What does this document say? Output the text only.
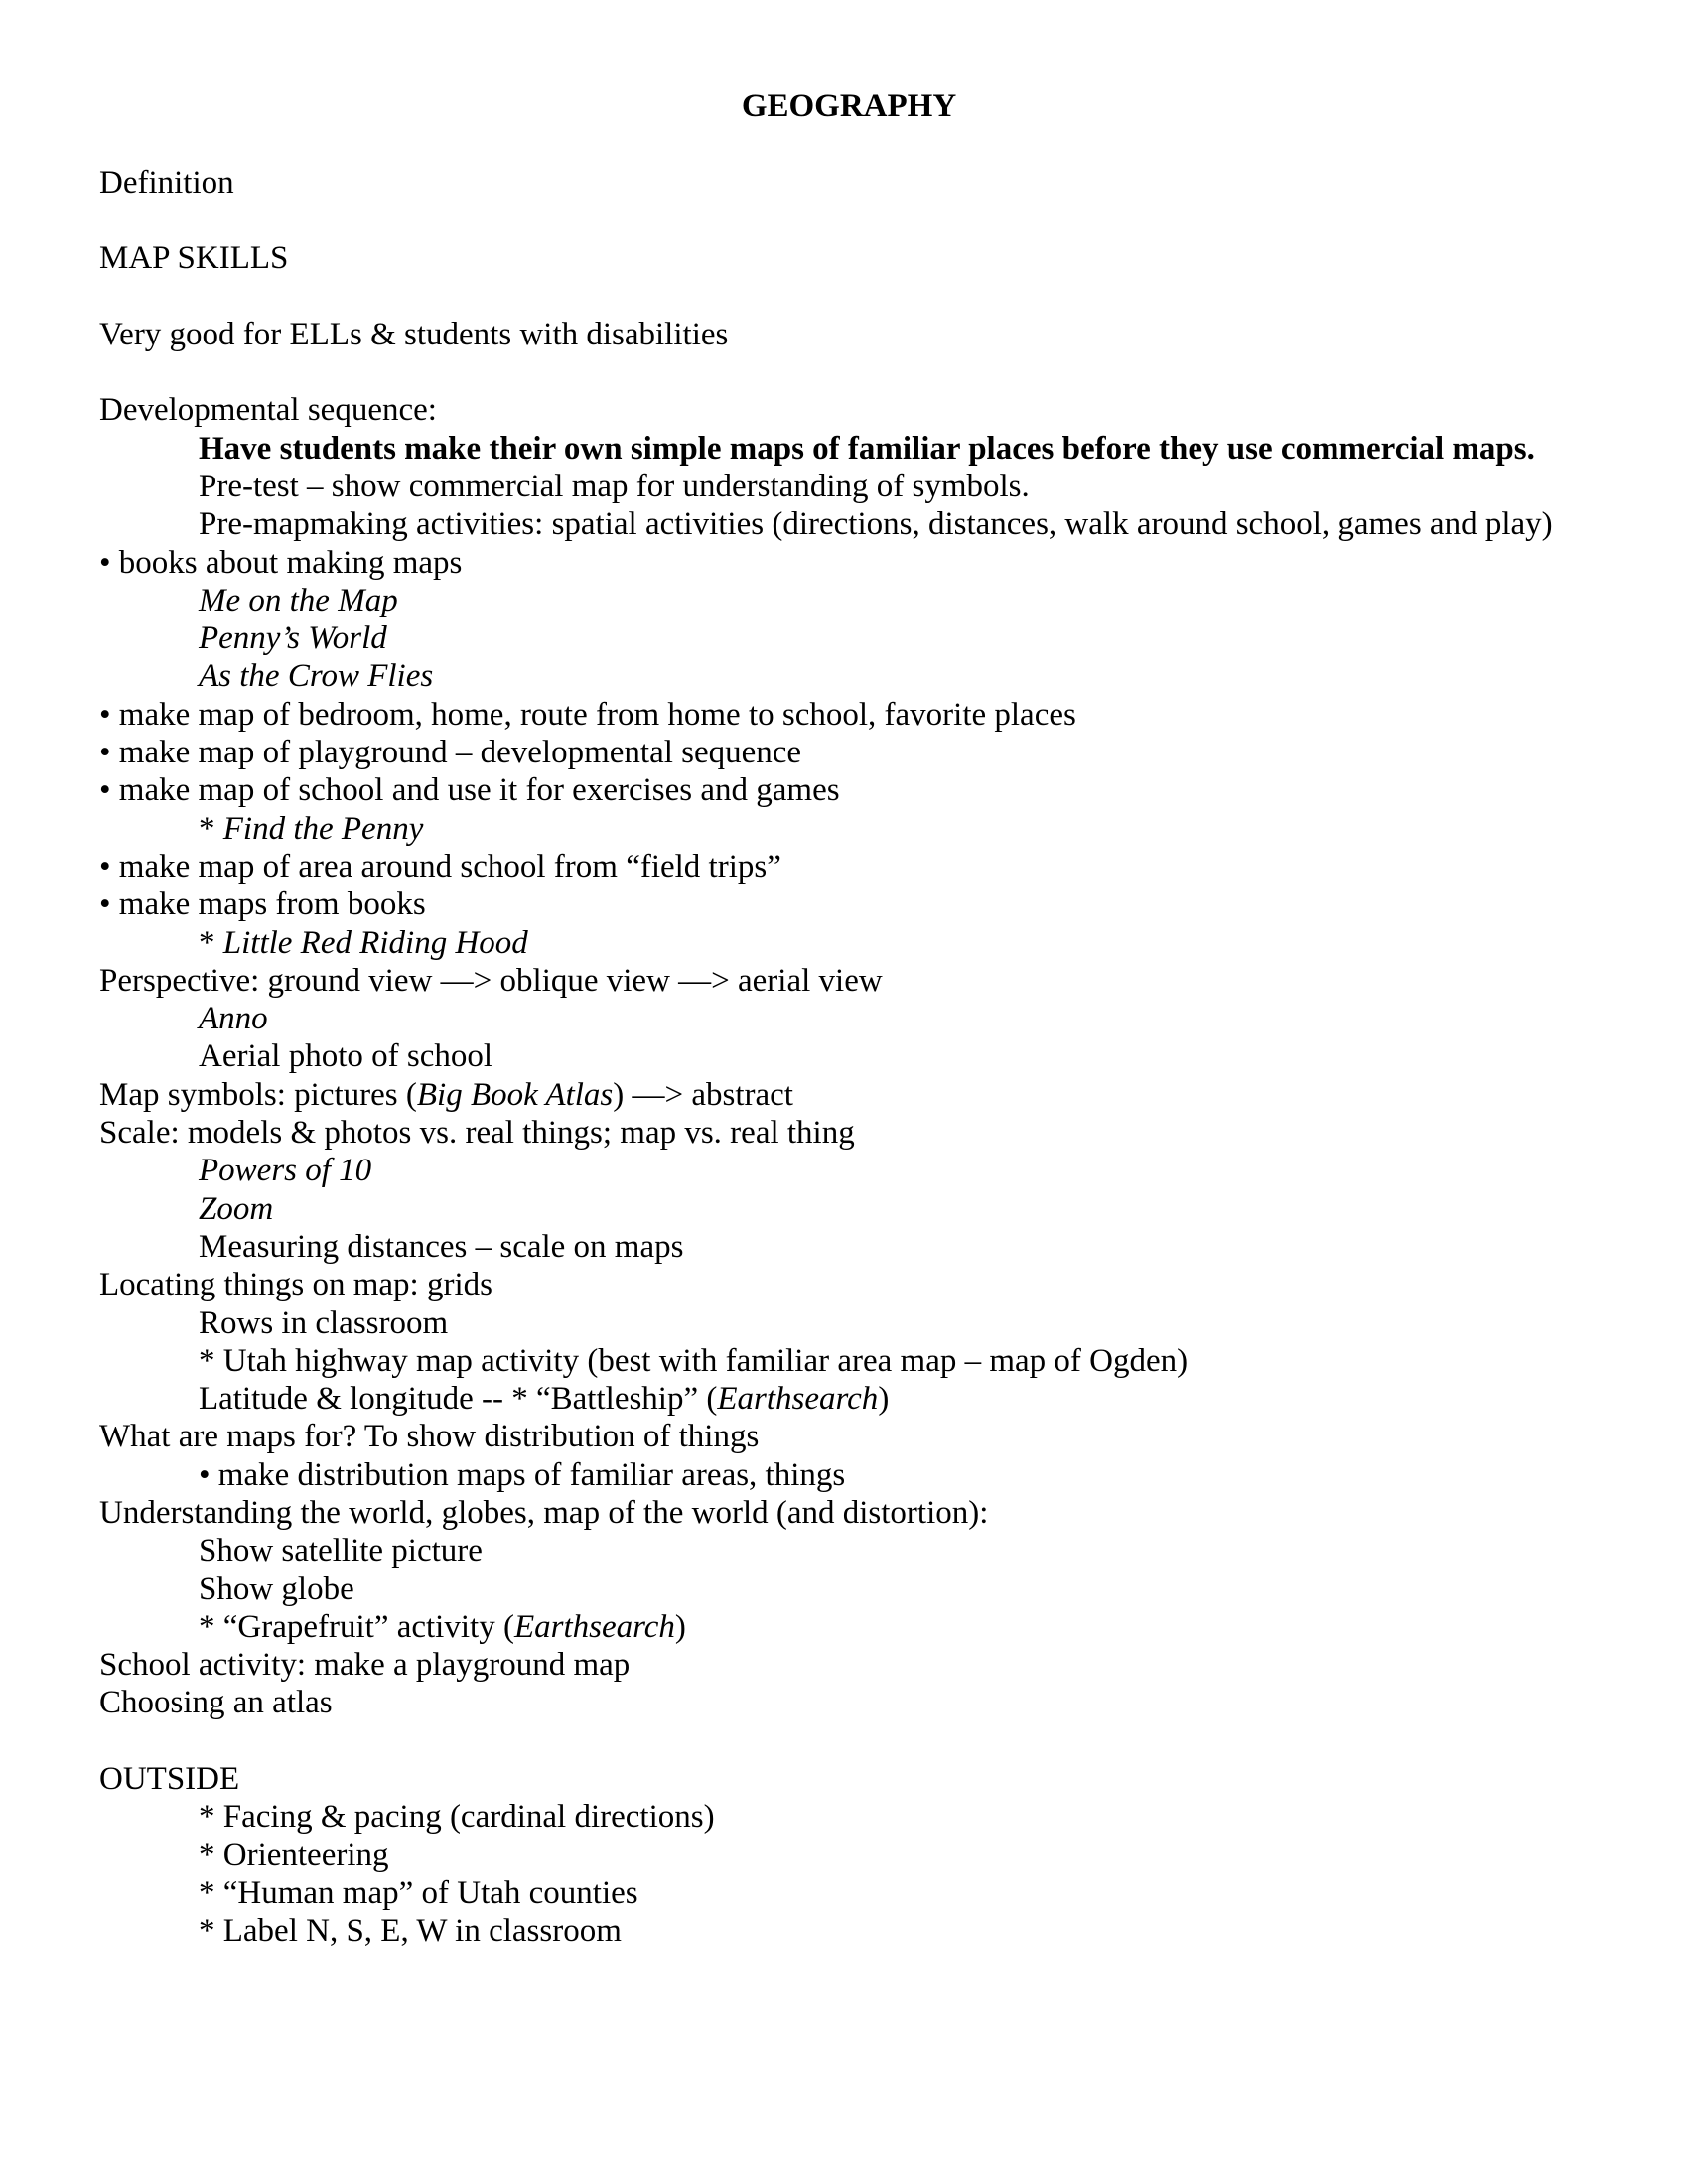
GEOGRAPHY

Definition

MAP SKILLS

Very good for ELLs & students with disabilities

Developmental sequence:
Have students make their own simple maps of familiar places before they use commercial maps.
Pre-test – show commercial map for understanding of symbols.
Pre-mapmaking activities: spatial activities (directions, distances, walk around school, games and play)
• books about making maps
Me on the Map
Penny’s World
As the Crow Flies
• make map of bedroom, home, route from home to school, favorite places
• make map of playground – developmental sequence
• make map of school and use it for exercises and games
* Find the Penny
• make map of area around school from “field trips”
• make maps from books
* Little Red Riding Hood
Perspective: ground view —> oblique view —> aerial view
Anno
Aerial photo of school
Map symbols: pictures (Big Book Atlas) —> abstract
Scale: models & photos vs. real things; map vs. real thing
Powers of 10
Zoom
Measuring distances – scale on maps
Locating things on map: grids
Rows in classroom
* Utah highway map activity (best with familiar area map – map of Ogden)
Latitude & longitude -- * “Battleship” (Earthsearch)
What are maps for? To show distribution of things
• make distribution maps of familiar areas, things
Understanding the world, globes, map of the world (and distortion):
Show satellite picture
Show globe
* “Grapefruit” activity (Earthsearch)
School activity: make a playground map
Choosing an atlas

OUTSIDE
* Facing & pacing (cardinal directions)
* Orienteering
* “Human map” of Utah counties
* Label N, S, E, W in classroom
